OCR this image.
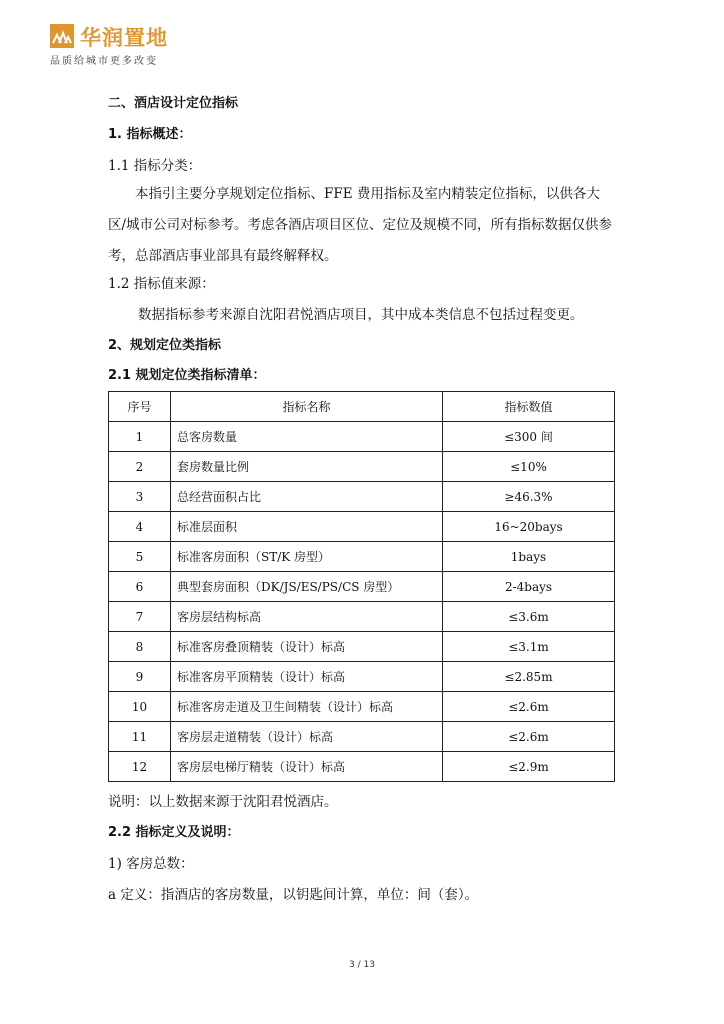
华润置地
品质给城市更多改变
二、酒店设计定位指标
1. 指标概述：
1.1 指标分类：
本指引主要分享规划定位指标、FFE 费用指标及室内精装定位指标，以供各大区/城市公司对标参考。考虑各酒店项目区位、定位及规模不同，所有指标数据仅供参考，总部酒店事业部具有最终解释权。
1.2 指标值来源：
数据指标参考来源自沈阳君悦酒店项目，其中成本类信息不包括过程变更。
2、规划定位类指标
2.1 规划定位类指标清单：
序号	指标名称	指标数值
1	总客房数量	≤300 间
2	套房数量比例	≤10%
3	总经营面积占比	≥46.3%
4	标准层面积	16~20bays
5	标准客房面积（ST/K 房型）	1bays
6	典型套房面积（DK/JS/ES/PS/CS 房型）	2-4bays
7	客房层结构标高	≤3.6m
8	标准客房叠顶精装（设计）标高	≤3.1m
9	标准客房平顶精装（设计）标高	≤2.85m
10	标准客房走道及卫生间精装（设计）标高	≤2.6m
11	客房层走道精装（设计）标高	≤2.6m
12	客房层电梯厅精装（设计）标高	≤2.9m
说明：以上数据来源于沈阳君悦酒店。
2.2 指标定义及说明：
1) 客房总数：
a 定义：指酒店的客房数量，以钥匙间计算，单位：间（套）。
3 / 13
